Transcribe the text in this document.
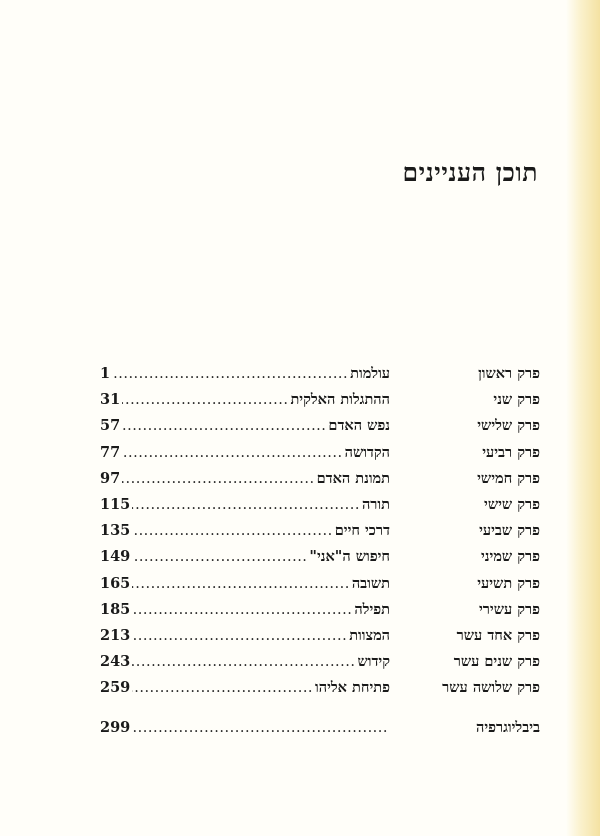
תוכן העניינים
פרק ראשון
עולמות
.....
1
פרק שני
ההתגלות האלקית
.....
31
פרק שלישי
נפש האדם
.....
57
פרק רביעי
הקדושה
.....
77
פרק חמישי
תמונת האדם
.....
97
פרק שישי
תורה
.....
115
פרק שביעי
דרכי חיים
.....
135
פרק שמיני
חיפוש ה"אני"
.....
149
פרק תשיעי
תשובה
.....
165
פרק עשירי
תפילה
.....
185
פרק אחד עשר
המצוות
.....
213
פרק שנים עשר
קידוש
.....
243
פרק שלושה עשר
פתיחת אליהו
.....
259
ביבליוגרפיה
.....
299
